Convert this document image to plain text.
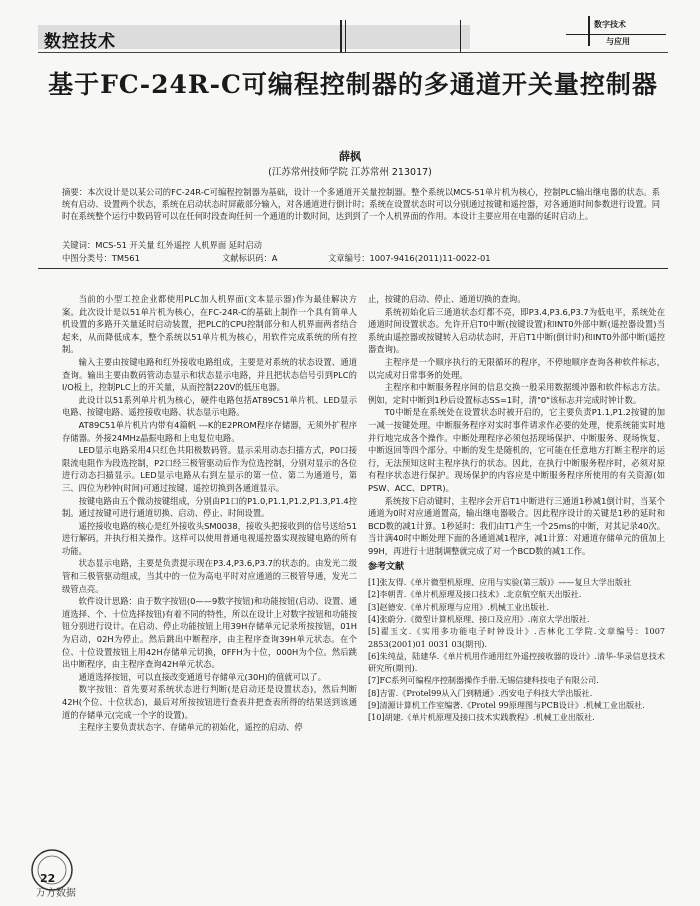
数控技术
数字技术
与应用
基于FC-24R-C可编程控制器的多通道开关量控制器
薛枫
(江苏常州技师学院 江苏常州 213017)
摘要：本次设计是以某公司的FC-24R-C可编程控制器为基础，设计一个多通道开关量控制器。整个系统以MCS-51单片机为核心，控制PLC输出继电器的状态。系统有启动、设置两个状态，系统在启动状态时屏蔽部分输入，对各通道进行倒计时；系统在设置状态时可以分别通过按键和遥控器，对各通道时间参数进行设置。同时在系统整个运行中数码管可以在任何时段查询任何一个通道的计数时间，达到到了一个人机界面的作用。本设计主要应用在电器的延时启动上。
关键词：MCS-51 开关量 红外遥控 人机界面 延时启动
中图分类号：TM561	文献标识码：A	文章编号：1007-9416(2011)11-0022-01

当前的小型工控企业都使用PLC加人机界面(文本显示器)作为最佳解决方案。此次设计是以51单片机为核心，在FC-24R-C的基础上制作一个具有简单人机设置的多路开关量延时启动装置，把PLC的CPU控制部分和人机界面两者结合起来，从而降低成本，整个系统以51单片机为核心，用软件完成系统的所有控制。

输入主要由按键电路和红外接收电路组成，主要是对系统的状态设置、通道查询。输出主要由数码管动态显示和状态显示电路，并且把状态信号引到PLC的I/O板上，控制PLC上的开关量，从而控制220V的低压电器。

此设计以51系列单片机为核心，硬件电路包括AT89C51单片机、LED显示电路、按键电路、遥控接收电路、状态显示电路。

AT89C51单片机片内带有4篇帆 ---K的E2PROM程序存储器，无须外扩程序存储器。外接24MHz晶振电路和上电复位电路。

LED显示电路采用4只红色共阳极数码管。显示采用动态扫描方式，P0口接限流电阻作为段选控制，P2口经三极管驱动后作为位选控制，分别对显示的各位进行动态扫描显示。LED显示电路从右到左显示的第一位、第二为通道号，第三、四位为秒钟(时间)可通过按键、遥控切换到各通道显示。

按键电路由五个微动按键组成，分别由P1口的P1.0,P1.1,P1.2,P1.3,P1.4控制。通过按键可进行通道切换、启动、停止、时间设置。

遥控接收电路的核心是红外接收头SM0038，接收头把接收到的信号送给51进行解码，并执行相关操作。这样可以使用普通电视遥控器实现按键电路的所有功能。

状态显示电路，主要是负责提示现在P3.4,P3.6,P3.7的状态的。由发光二级管和三极管驱动组成，当其中的一位为高电平时对应通道的三极管导通，发光二级管点亮。

软件设计思路：由于数字按钮(0——9数字按钮)和功能按钮(启动、设置、通道选择、个、十位选择按钮)有着不同的特性，所以在设计上对数字按钮和功能按钮分别进行设计。在启动、停止功能按钮上用39H存储单元记录所按按钮，01H为启动，02H为停止。然后跳出中断程序，由主程序查询39H单元状态。在个位、十位设置按钮上用42H存储单元切换，0FFH为十位，000H为个位。然后跳出中断程序，由主程序查询42H单元状态。

通道选择按钮，可以直接改变通道号存储单元(30H)的值就可以了。

数字按钮：首先要对系统状态进行判断(是启动还是设置状态)，然后判断42H(个位、十位状态)，最后对所按按钮进行查表并把查表所得的结果送到该通道的存储单元(完成一个字的设置)。

主程序主要负责状态字、存储单元的初始化，遥控的启动、停

止，按键的启动、停止、通道切换的查询。

系统初始化后三通道状态灯都不亮，即P3.4,P3.6,P3.7为低电平，系统处在通道时间设置状态。允许开启T0中断(按键设置)和INT0外部中断(遥控器设置)当系统由遥控器或按键转入启动状态时，开启T1中断(倒计时)和INT0外部中断(遥控器查询)。

主程序是一个顺序执行的无限循环的程序，不停地顺序查询各种软件标志，以完成对日常事务的处理。

主程序和中断服务程序间的信息交换一般采用数据缓冲器和软件标志方法。例如，定时中断到1秒后设置标志SS=1时，清"0"该标志并完成时钟计数。

T0中断是在系统处在设置状态时被开启的，它主要负责P1.1,P1.2按键的加一减一按键处理。中断服务程序对实时事件请求作必要的处理，使系统能实时地并行地完成各个操作。中断处理程序必须包括现场保护、中断服务、现场恢复、中断返回等四个部分。中断的发生是随机的，它可能在任意地方打断主程序的运行，无法预知这时主程序执行的状态。因此，在执行中断服务程序时，必须对原有程序状态进行保护。现场保护的内容应是中断服务程序所使用的有关资源(如PSW、ACC、DPTR)。

系统按下启动键时，主程序会开启T1中断进行三通道1秒减1倒计时，当某个通道为0时对应通道置高，输出继电器吸合。因此程序设计的关键是1秒的延时和BCD数的减1计算。1秒延时：我们由T1产生一个25ms的中断，对其记录40次。当计满40时中断处理下面的各通道减1程序，减1计算：对通道存储单元的值加上99H，再进行十进制调整就完成了对一个BCD数的减1工作。

参考文献
[1]张友得.《单片微型机原理、应用与实验(第三版)》——复旦大学出版社
[2]李朝青.《单片机原理及接口技术》.北京航空航天出版社.
[3]赵德安.《单片机原理与应用》.机械工业出版社.
[4]张蔚分.《微型计算机原理、接口及应用》.南京大学出版社.
[5]翟玉文.《实用多功能电子时钟设计》.吉林化工学院.文章编号：1007 2853(2001)01 0031 03(期刊).
[6]朱纯益，陆建华.《单片机用作通用红外遥控接收器的设计》.清华-华录信息技术研究所(期刊).
[7]FC系列可编程序控制器操作手册.无锡信捷科技电子有限公司.
[8]吉雷.《Protel99从入门到精通》.西安电子科技大学出版社.
[9]清源计算机工作室编著.《Protel 99原理图与PCB设计》.机械工业出版社.
[10]胡建.《单片机原理及接口技术实践教程》.机械工业出版社.
22
万方数据
